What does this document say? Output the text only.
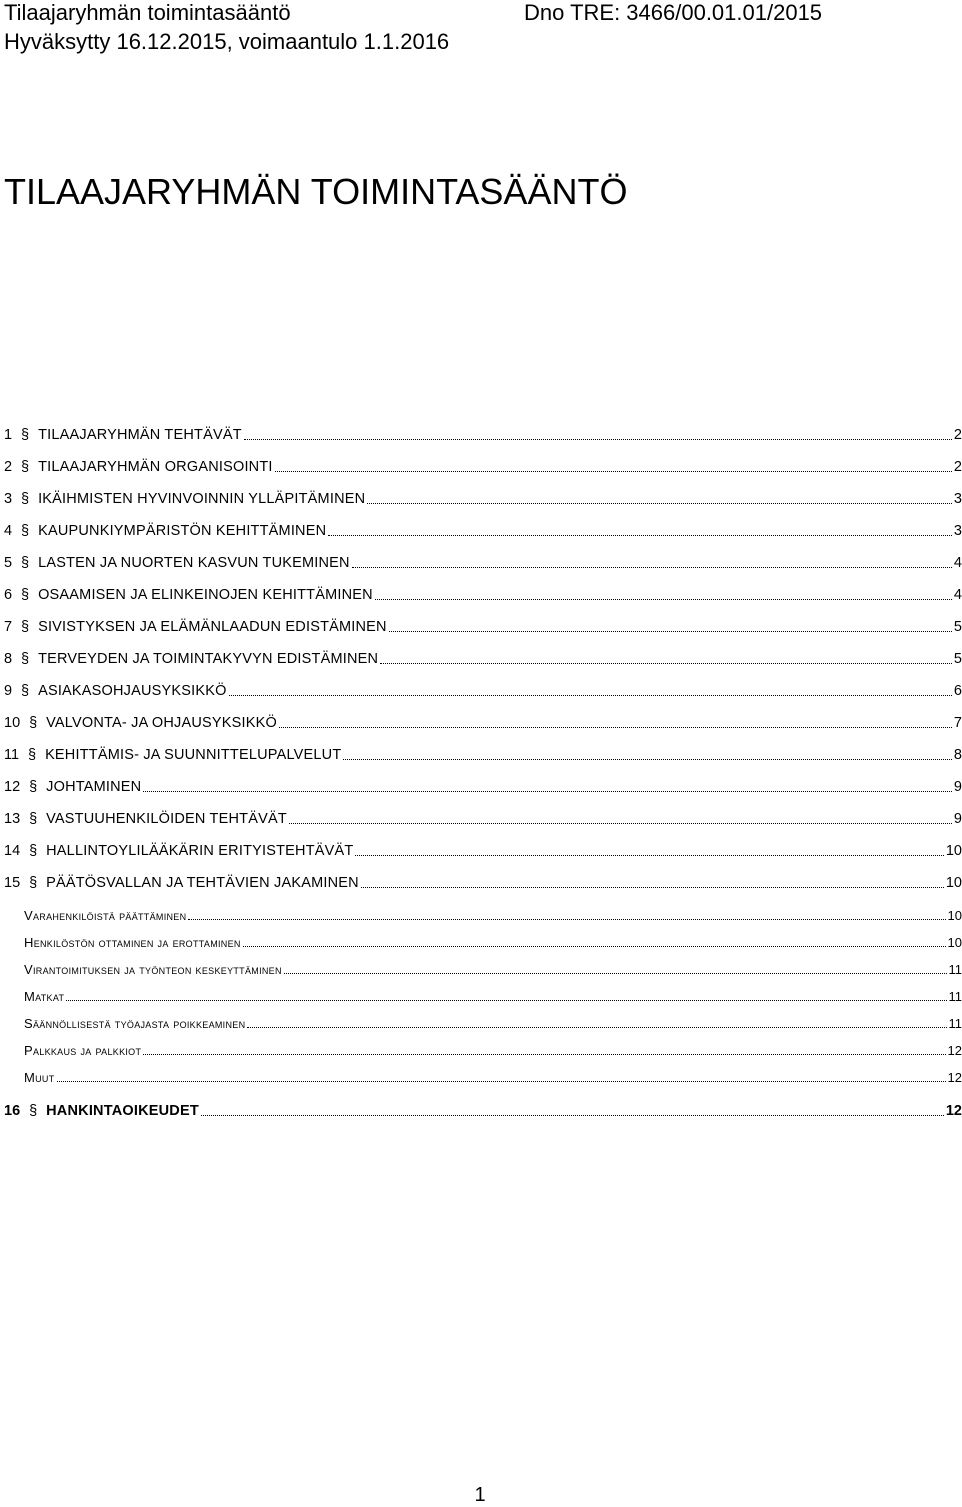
Tilaajaryhmän toimintasääntö	Dno TRE: 3466/00.01.01/2015
Hyväksytty 16.12.2015, voimaantulo 1.1.2016
TILAAJARYHMÄN TOIMINTASÄÄNTÖ
1 § TILAAJARYHMÄN TEHTÄVÄT	2
2 § TILAAJARYHMÄN ORGANISOINTI	2
3 § IKÄIHMISTEN HYVINVOINNIN YLLÄPITÄMINEN	3
4 § KAUPUNKIYMPÄRISTÖN KEHITTÄMINEN	3
5 § LASTEN JA NUORTEN KASVUN TUKEMINEN	4
6 § OSAAMISEN JA ELINKEINOJEN KEHITTÄMINEN	4
7 § SIVISTYKSEN JA ELÄMÄNLAADUN EDISTÄMINEN	5
8 § TERVEYDEN JA TOIMINTAKYVYN EDISTÄMINEN	5
9 § ASIAKASOHJAUSYKSIKKÖ	6
10 § VALVONTA- JA OHJAUSYKSIKKÖ	7
11 § KEHITTÄMIS- JA SUUNNITTELUPALVELUT	8
12 § JOHTAMINEN	9
13 § VASTUUHENKILÖIDEN TEHTÄVÄT	9
14 § HALLINTOYLILÄÄKÄRIN ERITYISTEHTÄVÄT	10
15 § PÄÄTÖSVALLAN JA TEHTÄVIEN JAKAMINEN	10
Varahenkilöistä päättäminen	10
Henkilöstön ottaminen ja erottaminen	10
Virantoimituksen ja työnteon keskeyttäminen	11
Matkat	11
Säännöllisestä työajasta poikkeaminen	11
Palkkaus ja palkkiot	12
Muut	12
16 § HANKINTAOIKEUDET	12
1
